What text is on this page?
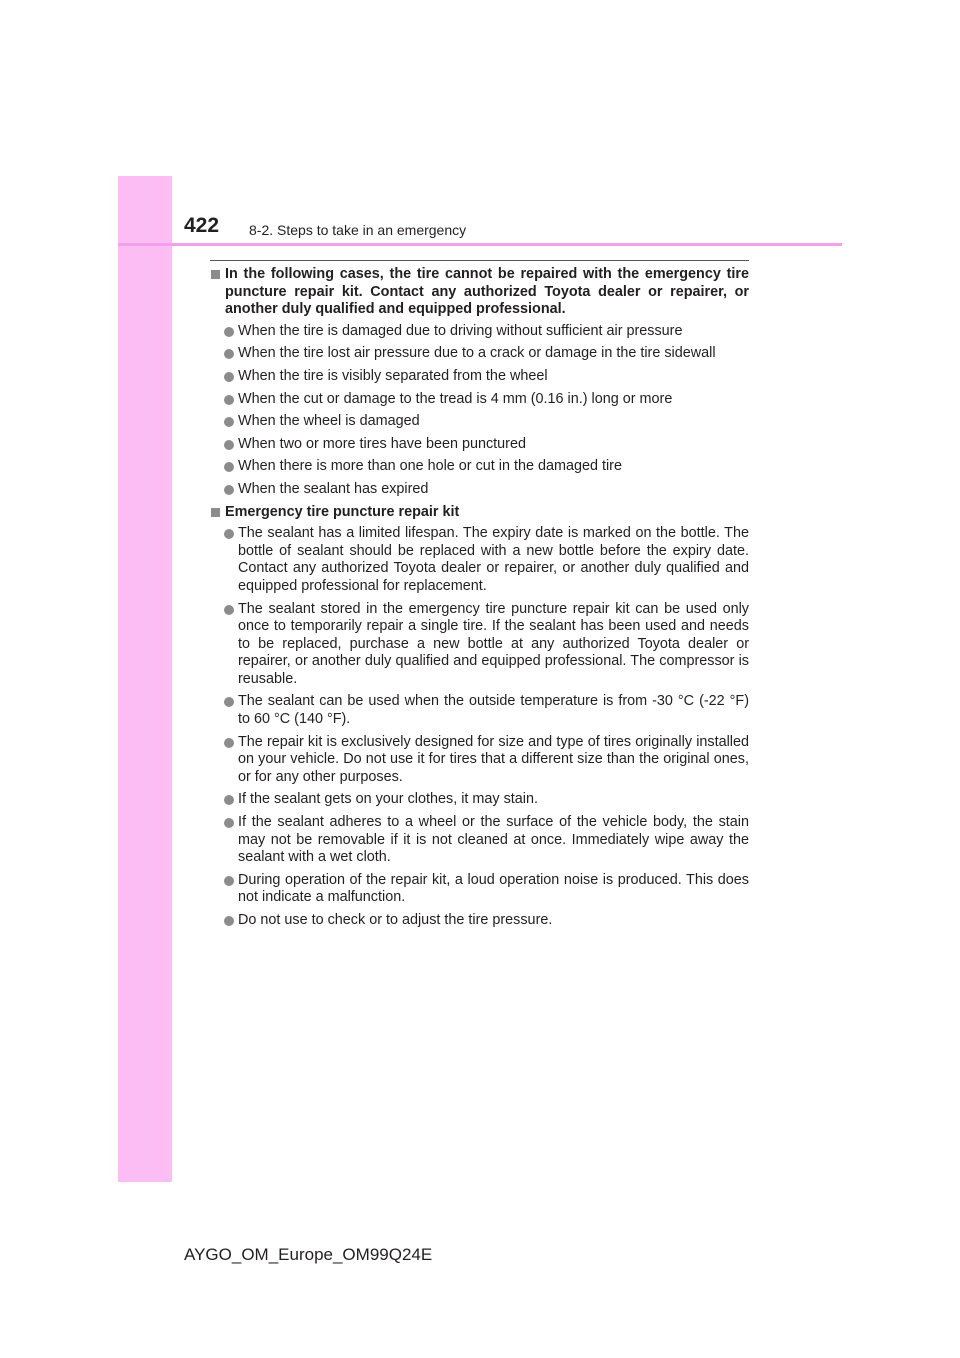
422 8-2. Steps to take in an emergency
In the following cases, the tire cannot be repaired with the emergency tire puncture repair kit. Contact any authorized Toyota dealer or repairer, or another duly qualified and equipped professional.
When the tire is damaged due to driving without sufficient air pressure
When the tire lost air pressure due to a crack or damage in the tire sidewall
When the tire is visibly separated from the wheel
When the cut or damage to the tread is 4 mm (0.16 in.) long or more
When the wheel is damaged
When two or more tires have been punctured
When there is more than one hole or cut in the damaged tire
When the sealant has expired
Emergency tire puncture repair kit
The sealant has a limited lifespan. The expiry date is marked on the bottle. The bottle of sealant should be replaced with a new bottle before the expiry date. Contact any authorized Toyota dealer or repairer, or another duly qualified and equipped professional for replacement.
The sealant stored in the emergency tire puncture repair kit can be used only once to temporarily repair a single tire. If the sealant has been used and needs to be replaced, purchase a new bottle at any authorized Toyota dealer or repairer, or another duly qualified and equipped professional. The compressor is reusable.
The sealant can be used when the outside temperature is from -30 °C (-22 °F) to 60 °C (140 °F).
The repair kit is exclusively designed for size and type of tires originally installed on your vehicle. Do not use it for tires that a different size than the original ones, or for any other purposes.
If the sealant gets on your clothes, it may stain.
If the sealant adheres to a wheel or the surface of the vehicle body, the stain may not be removable if it is not cleaned at once. Immediately wipe away the sealant with a wet cloth.
During operation of the repair kit, a loud operation noise is produced. This does not indicate a malfunction.
Do not use to check or to adjust the tire pressure.
AYGO_OM_Europe_OM99Q24E
